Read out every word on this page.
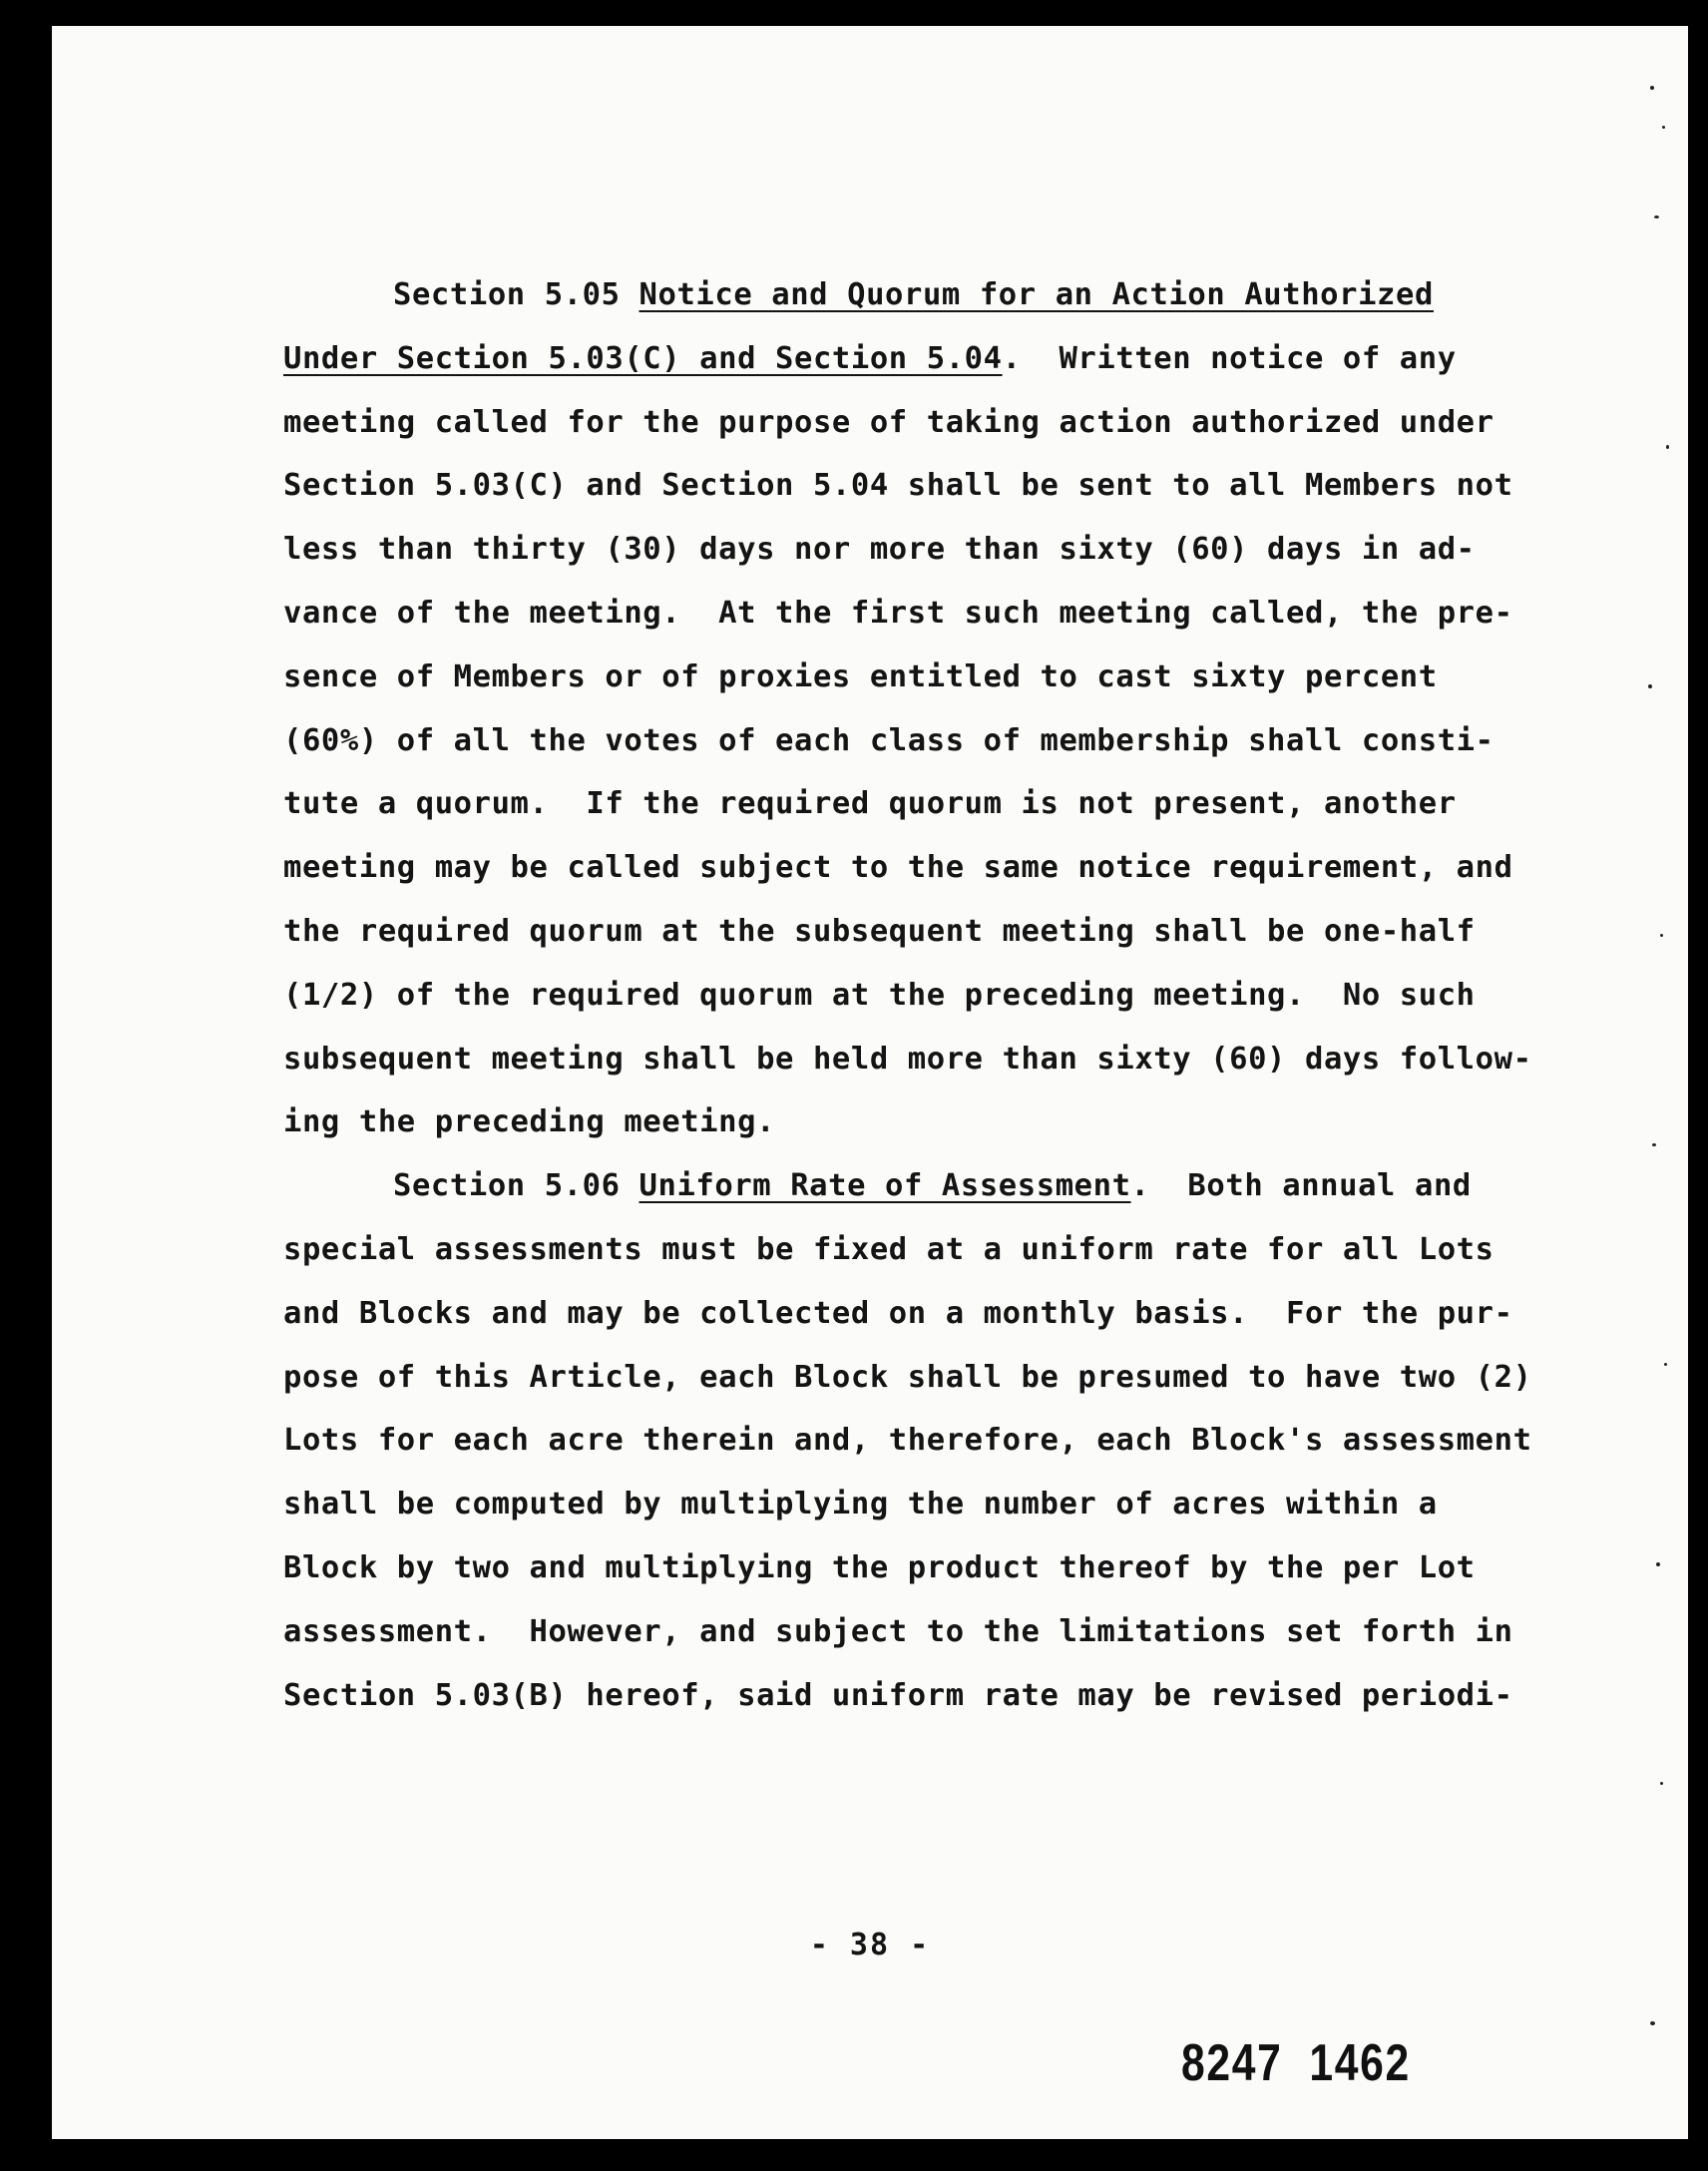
Section 5.05 Notice and Quorum for an Action Authorized
Under Section 5.03(C) and Section 5.04.  Written notice of any
meeting called for the purpose of taking action authorized under
Section 5.03(C) and Section 5.04 shall be sent to all Members not
less than thirty (30) days nor more than sixty (60) days in ad-
vance of the meeting.  At the first such meeting called, the pre-
sence of Members or of proxies entitled to cast sixty percent
(60%) of all the votes of each class of membership shall consti-
tute a quorum.  If the required quorum is not present, another
meeting may be called subject to the same notice requirement, and
the required quorum at the subsequent meeting shall be one-half
(1/2) of the required quorum at the preceding meeting.  No such
subsequent meeting shall be held more than sixty (60) days follow-
ing the preceding meeting.
Section 5.06 Uniform Rate of Assessment.  Both annual and
special assessments must be fixed at a uniform rate for all Lots
and Blocks and may be collected on a monthly basis.  For the pur-
pose of this Article, each Block shall be presumed to have two (2)
Lots for each acre therein and, therefore, each Block's assessment
shall be computed by multiplying the number of acres within a
Block by two and multiplying the product thereof by the per Lot
assessment.  However, and subject to the limitations set forth in
Section 5.03(B) hereof, said uniform rate may be revised periodi-
- 38 -
8247  1462
